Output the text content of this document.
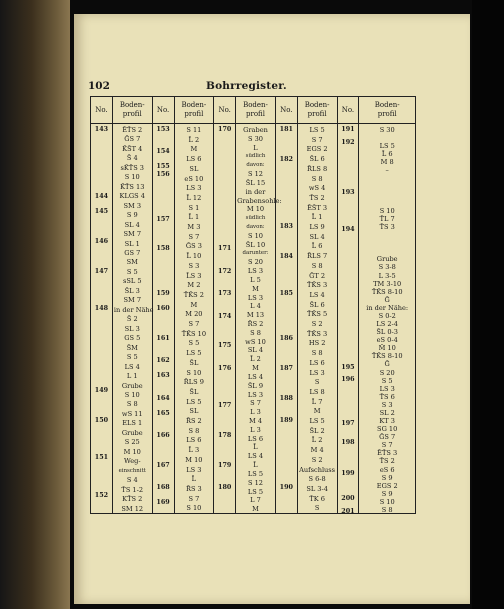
102	Bohrregister.
No.
143
144
145
146
147
148
149
150
151
152
Boden-
profil
ĒT̄S 2
ḠS 7
K̄S̄T 4
S̄ 4
sK̄T̄S 3
S 10
K̄T̄S 13
KLGS 4
SM 3
S 9
SL 4
SM 7
SL 1
GS 7
SM
S 5
sSL 5
S̄L 3
SM 7
in der Nähe
S̄ 2
SL 3
GS 5
S̄M
S 5
LS 4
L 1
Grube
S 10
S 8
wS 11
ELS 1
Grube
S 25
M 10
Weg-
einschnitt
S 4
T̄S 1-2
KT̄S 2
SM 12
No.
153
154
155
156
157
158
159
160
161
162
163
164
165
166
167
168
169
Boden-
profil
S 11
L̄ 2
M
LS 6
SL
eS 10
LS 3
L̄ 12
S 1
L̄ 1
M 3
S 7
ḠS 3
L̄ 10
S 3
L̄S 3
M 2
T̄K̄S 2
M
M 20
S 7
T̄K̄S 10
S 5
LS 5
S̄L
S 10
R̄LS 9
S̄L
LS 5
SL
R̄S 2
S 8
LS 6
L̄ 3
M 10
LS 3
L̄
R̄S 3
S 7
S 10
No.
170
171
172
173
174
175
176
177
178
179
180
Boden-
profil
Graben
S 30
L
südlich
davon:
S 12
S̄L 15
in der
Grabensohle:
M 10
südlich
davon:
S 10
S̄L 10
darunter:
S 20
LS 3
L 5
M
LS 3
L 4
M 13
R̄S 2
S 8
wS 10
SL 4
L̄ 2
M
LS 4
S̄L 9
LS 3
S 7
L 3
M 4
L 3
LS 6
L̄
LS 4
L̄
LS 5
S 12
LS 5
L 7
M
No.
181
182
183
184
185
186
187
188
189
190
Boden-
profil
LS 5
S 7
EGS 2
S̄L 6
R̄LS 8
S 8
wS 4
T̄S 2
ĒS̄T 3
L̄ 1
LS 9
SL 4
L̄ 6
R̄LS 7
S 8
ḠT 2
T̄K̄S 3
LS 4
S̄L 6
T̄K̄S 5
S 2
T̄K̄S 3
HS 2
S 8
LS 6
LS 3
S
LS 8
L̄ 7
M
LS 5
S̄L 2
L̄ 2
M 4
S 2
Aufschluss
S 6-8
SL 3-4
T̄K 6
S
No.
191
192
193
194
195
196
197
198
199
200
201
Boden-
profil
S 30
LS 5
L̄ 6
M 8
–
S 10
T̄L 7
T̄S 3
Grube
S 3-8
L 3-5
TM 3-10
T̄K̄S 8-10
Ḡ
in der Nähe:
S 0-2
LS 2-4
S̄L 0-3
eS 0-4
M̄ 10
T̄K̄S 8-10
Ḡ
S 20
S 5
LS 3
T̄S 6
S 3
SL 2
KT 3
SG 10
ḠS 7
S 7
ĒT̄S 3
T̄S 2
eS 6
S 9
EGS 2
S 9
S 10
S 8
